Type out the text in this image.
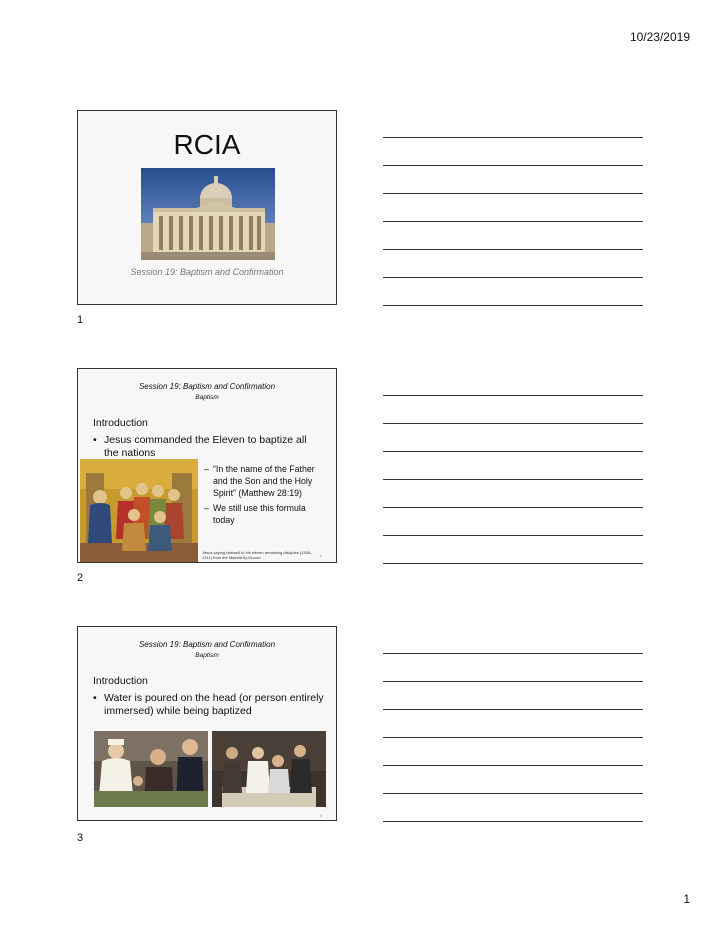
10/23/2019
RCIA
Session 19: Baptism and Confirmation
1
Session 19: Baptism and Confirmation
Baptism
Introduction
• Jesus commanded the Eleven to baptize all the nations
– “In the name of the Father and the Son and the Holy Spirit” (Matthew 28:19)
– We still use this formula today
Jesus saying farewell to his eleven remaining disciples (1308–1311) from the Maestà by Duccio	2
2
Session 19: Baptism and Confirmation
Baptism
Introduction
• Water is poured on the head (or person entirely immersed) while being baptized
3
3
1
